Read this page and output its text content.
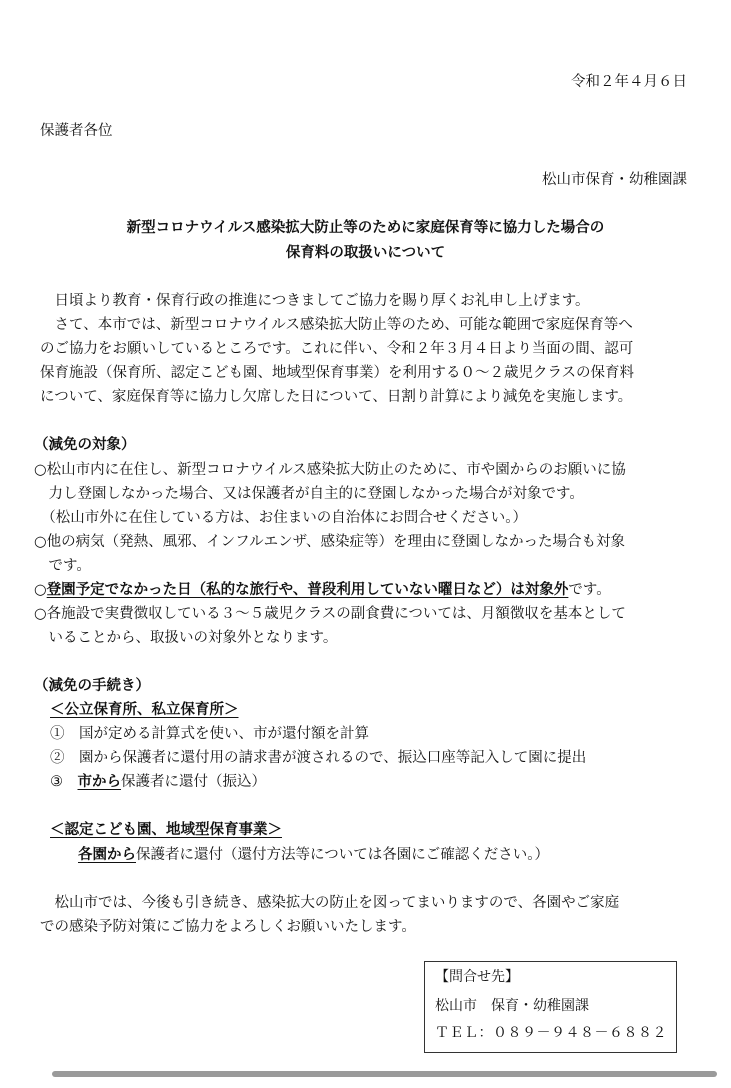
令和２年４月６日
保護者各位
松山市保育・幼稚園課
新型コロナウイルス感染拡大防止等のために家庭保育等に協力した場合の
保育料の取扱いについて
　日頃より教育・保育行政の推進につきましてご協力を賜り厚くお礼申し上げます。
　さて、本市では、新型コロナウイルス感染拡大防止等のため、可能な範囲で家庭保育等へ
のご協力をお願いしているところです。これに伴い、令和２年３月４日より当面の間、認可
保育施設（保育所、認定こども園、地域型保育事業）を利用する０～２歳児クラスの保育料
について、家庭保育等に協力し欠席した日について、日割り計算により減免を実施します。
（減免の対象）
○松山市内に在住し、新型コロナウイルス感染拡大防止のために、市や園からのお願いに協
　力し登園しなかった場合、又は保護者が自主的に登園しなかった場合が対象です。
　（松山市外に在住している方は、お住まいの自治体にお問合せください。）
○他の病気（発熱、風邪、インフルエンザ、感染症等）を理由に登園しなかった場合も対象
　です。
○登園予定でなかった日（私的な旅行や、普段利用していない曜日など）は対象外です。
○各施設で実費徴収している３～５歳児クラスの副食費については、月額徴収を基本として
　いることから、取扱いの対象外となります。
（減免の手続き）
＜公立保育所、私立保育所＞
①　国が定める計算式を使い、市が還付額を計算
②　園から保護者に還付用の請求書が渡されるので、振込口座等記入して園に提出
③　市から保護者に還付（振込）
＜認定こども園、地域型保育事業＞
各園から保護者に還付（還付方法等については各園にご確認ください。）
　松山市では、今後も引き続き、感染拡大の防止を図ってまいりますので、各園やご家庭
での感染予防対策にご協力をよろしくお願いいたします。
【問合せ先】
松山市　保育・幼稚園課
ＴＥＬ：０８９－９４８－６８８２
